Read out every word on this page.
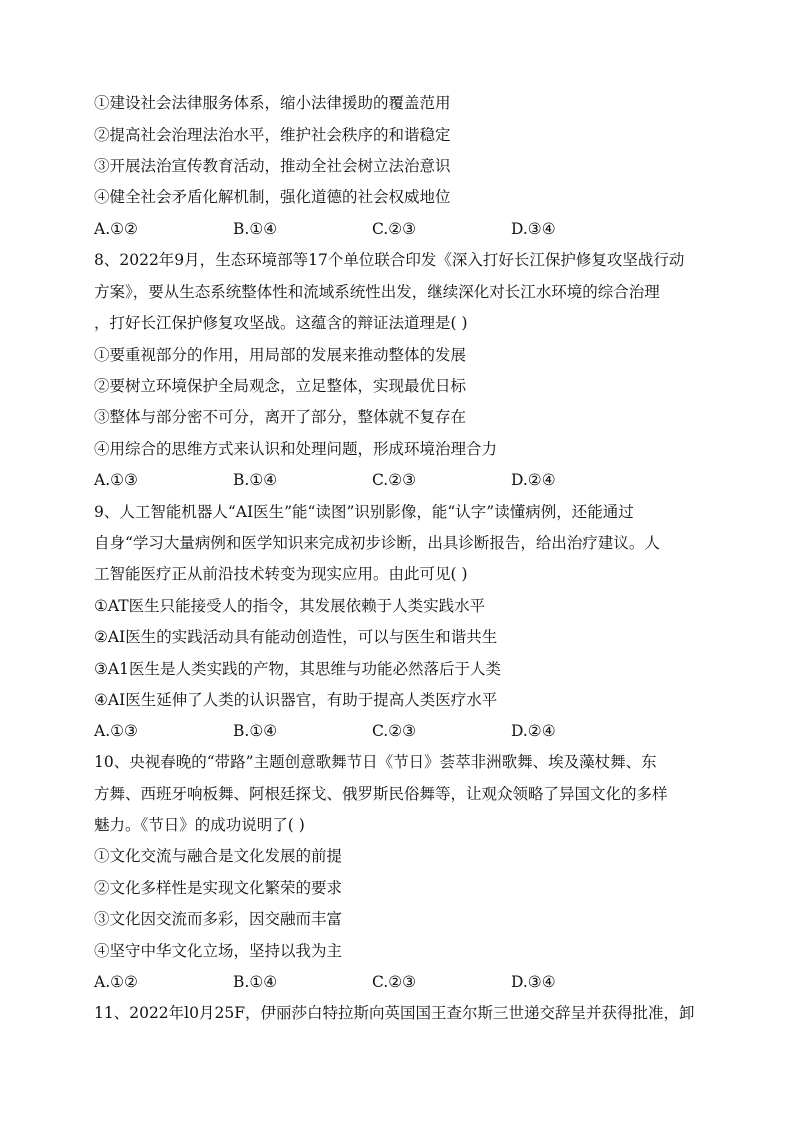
①建设社会法律服务体系，缩小法律援助的覆盖范用
②提高社会治理法治水平，维护社会秩序的和谐稳定
③开展法治宣传教育活动，推动全社会树立法治意识
④健全社会矛盾化解机制，强化道德的社会权威地位
A.①②	B.①④	C.②③	D.③④
8、2022年9月，生态环境部等17个单位联合印发《深入打好长江保护修复攻坚战行动
方案》，要从生态系统整体性和流域系统性出发，继续深化对长江水环境的综合治理
，打好长江保护修复攻坚战。这蕴含的辩证法道理是( )
①要重视部分的作用，用局部的发展来推动整体的发展
②要树立环境保护全局观念，立足整体，实现最优日标
③整体与部分密不可分，离开了部分，整体就不复存在
④用综合的思维方式来认识和处理问题，形成环境治理合力
A.①③	B.①④	C.②③	D.②④
9、人工智能机器人“AI医生”能“读图”识别影像，能“认字”读懂病例，还能通过
自身“学习大量病例和医学知识来完成初步诊断，出具诊断报告，给出治疗建议。人
工智能医疗正从前沿技术转变为现实应用。由此可见( )
①AT医生只能接受人的指令，其发展依赖于人类实践水平
②AI医生的实践活动具有能动创造性，可以与医生和谐共生
③A1医生是人类实践的产物，其思维与功能必然落后于人类
④AI医生延伸了人类的认识器官，有助于提高人类医疗水平
A.①③	B.①④	C.②③	D.②④
10、央视春晚的“带路”主题创意歌舞节日《节日》荟萃非洲歌舞、埃及藻杖舞、东
方舞、西班牙响板舞、阿根廷探戈、俄罗斯民俗舞等，让观众领略了异国文化的多样
魅力。《节日》的成功说明了( )
①文化交流与融合是文化发展的前提
②文化多样性是实现文化繁荣的要求
③文化因交流而多彩，因交融而丰富
④坚守中华文化立场，坚持以我为主
A.①②	B.①④	C.②③	D.③④
11、2022年l0月25F，伊丽莎白特拉斯向英国国王查尔斯三世递交辞呈并获得批准，卸
